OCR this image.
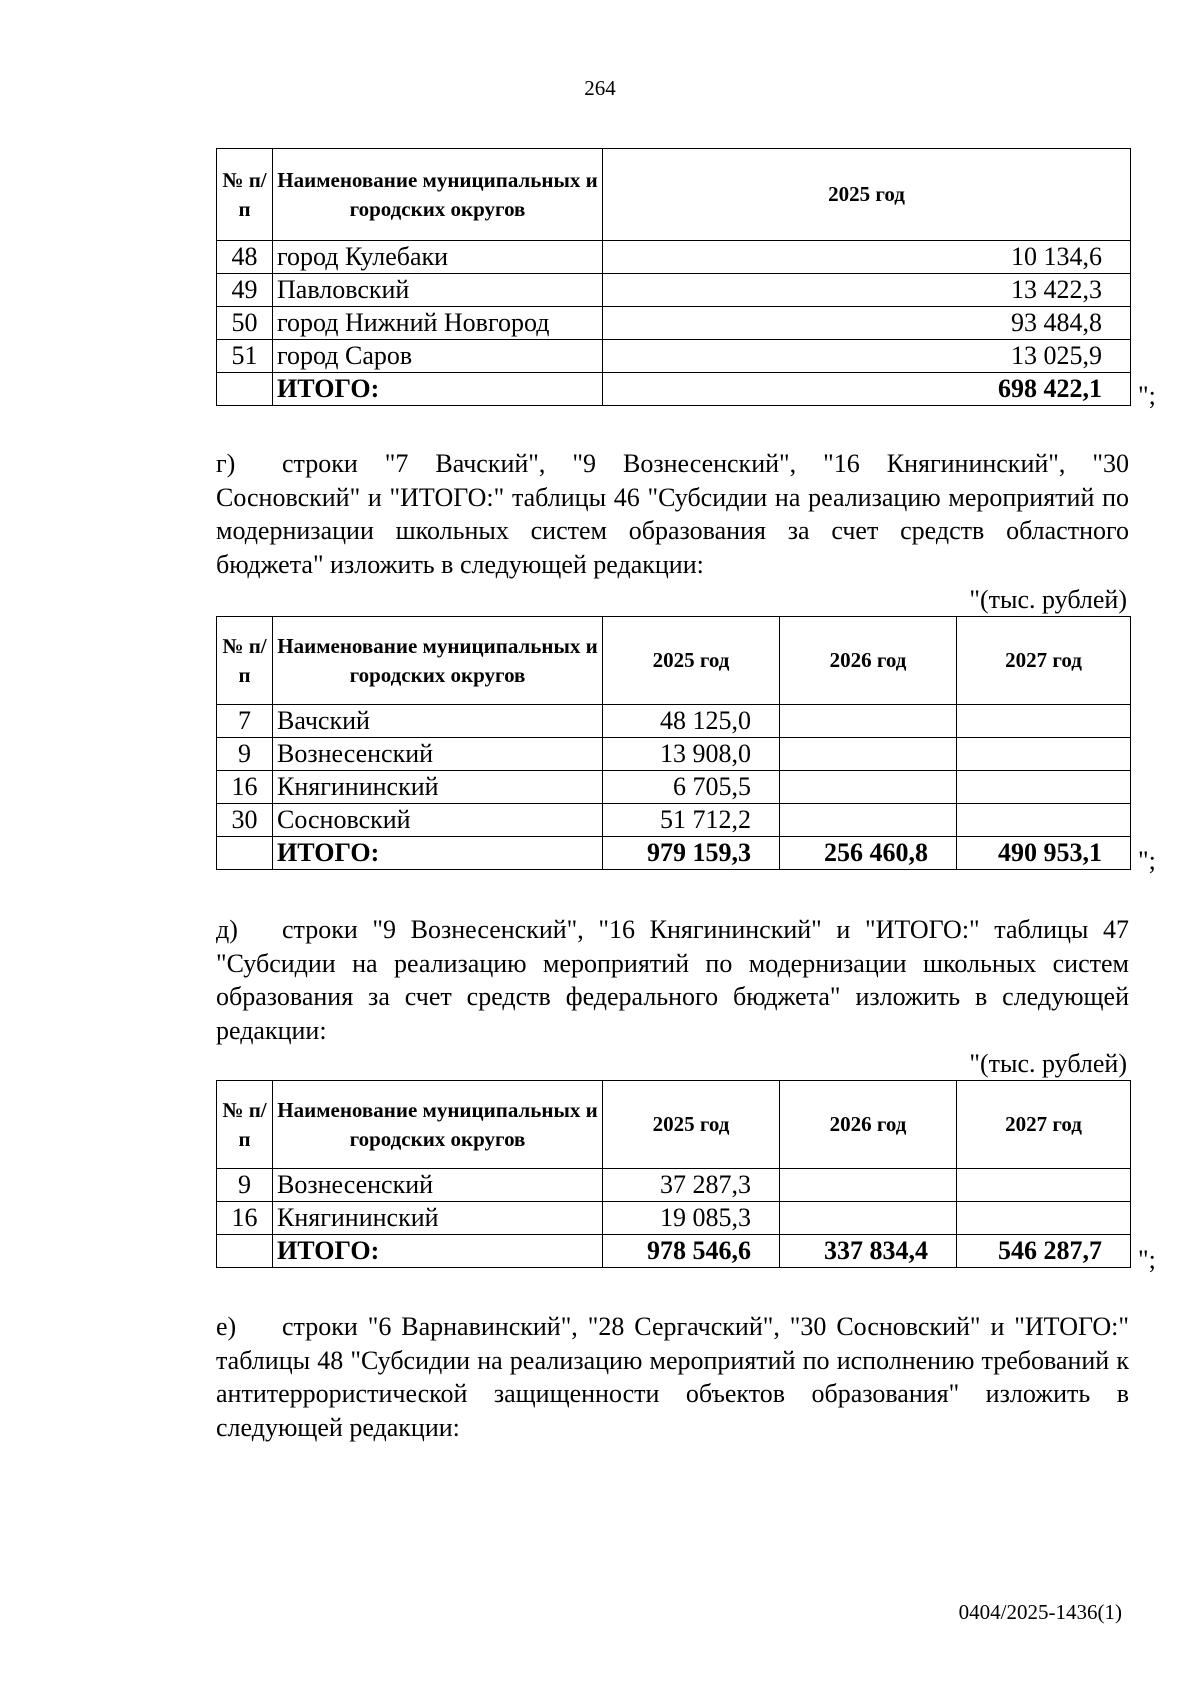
264
№ п/п	Наименование муниципальных и городских округов	2025 год
48	город Кулебаки	10 134,6
49	Павловский	13 422,3
50	город Нижний Новгород	93 484,8
51	город Саров	13 025,9
	ИТОГО:	698 422,1 ";

г) строки "7 Вачский", "9 Вознесенский", "16 Княгининский", "30 Сосновский" и "ИТОГО:" таблицы 46 "Субсидии на реализацию мероприятий по модернизации школьных систем образования за счет средств областного бюджета" изложить в следующей редакции:

"(тыс. рублей)
№ п/п	Наименование муниципальных и городских округов	2025 год	2026 год	2027 год
7	Вачский	48 125,0		
9	Вознесенский	13 908,0		
16	Княгининский	6 705,5		
30	Сосновский	51 712,2		
	ИТОГО:	979 159,3	256 460,8	490 953,1 ";

д) строки "9 Вознесенский", "16 Княгининский" и "ИТОГО:" таблицы 47 "Субсидии на реализацию мероприятий по модернизации школьных систем образования за счет средств федерального бюджета" изложить в следующей редакции:

"(тыс. рублей)
№ п/п	Наименование муниципальных и городских округов	2025 год	2026 год	2027 год
9	Вознесенский	37 287,3		
16	Княгининский	19 085,3		
	ИТОГО:	978 546,6	337 834,4	546 287,7 ";

е) строки "6 Варнавинский", "28 Сергачский", "30 Сосновский" и "ИТОГО:" таблицы 48 "Субсидии на реализацию мероприятий по исполнению требований к антитеррористической защищенности объектов образования" изложить в следующей редакции:

0404/2025-1436(1)
